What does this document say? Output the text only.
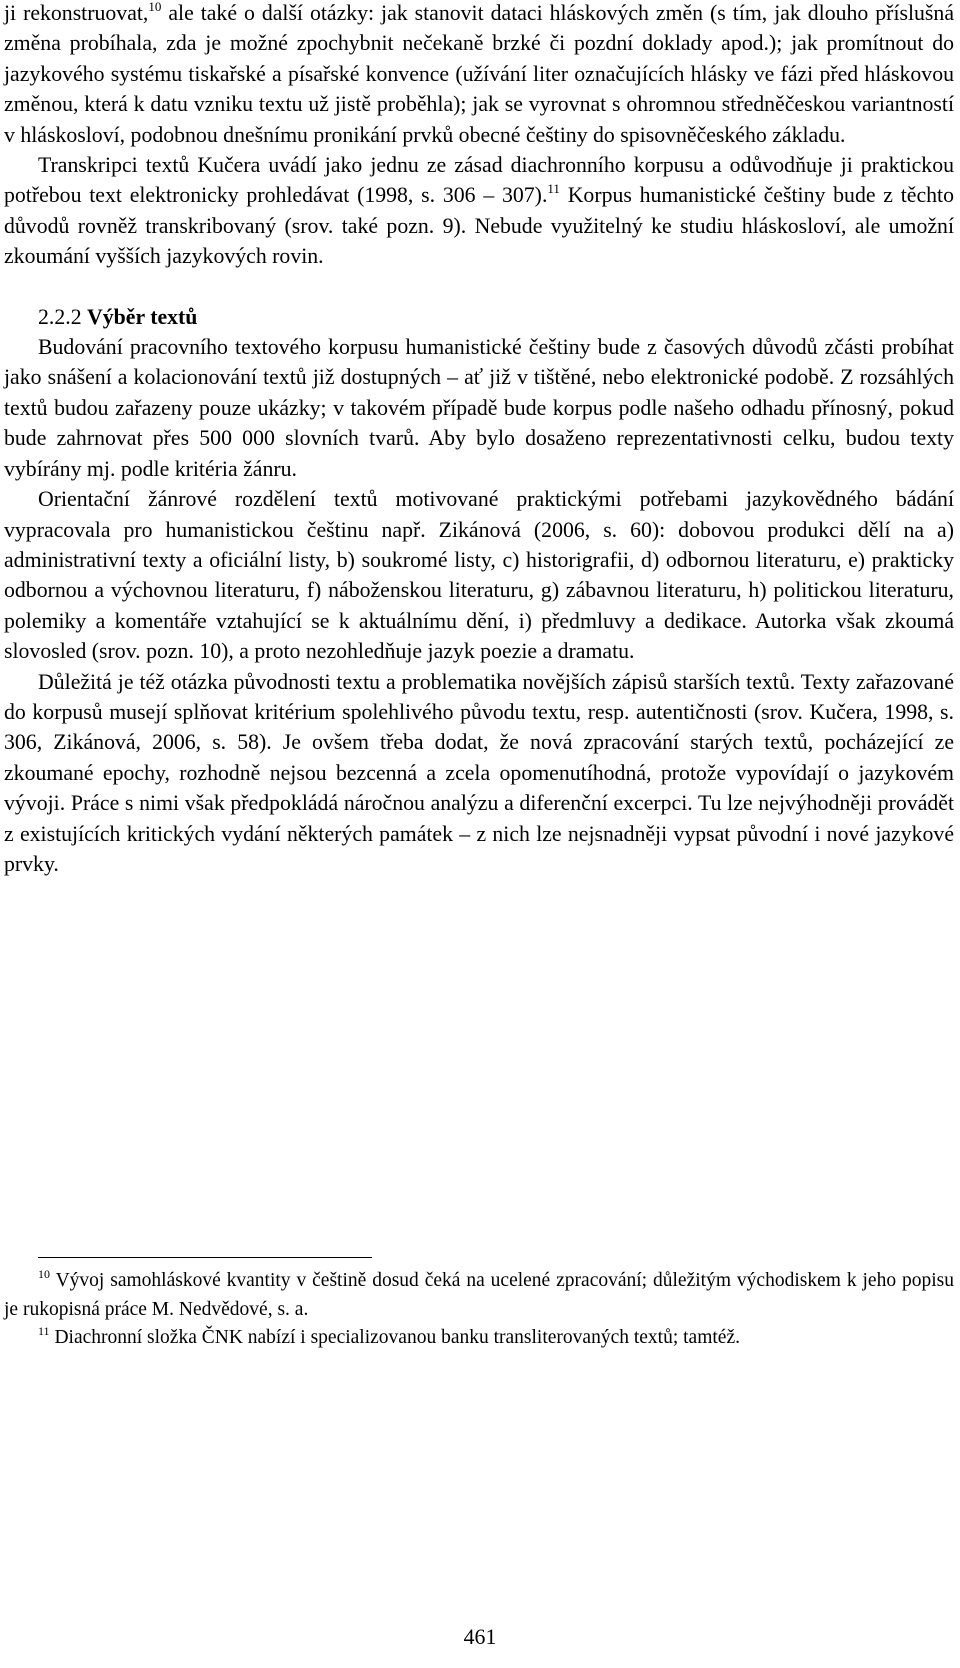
ji rekonstruovat,$^{10}$ ale také o další otázky: jak stanovit dataci hláskových změn (s tím, jak dlouho příslušná změna probíhala, zda je možné zpochybnit nečekaně brzké či pozdní doklady apod.); jak promítnout do jazykového systému tiskařské a písařské konvence (užívání liter označujících hlásky ve fázi před hláskovou změnou, která k datu vzniku textu už jistě proběhla); jak se vyrovnat s ohromnou středněčeskou variantností v hláskosloví, podobnou dnešnímu pronikání prvků obecné češtiny do spisovněčeského základu.

Transkripci textů Kučera uvádí jako jednu ze zásad diachronního korpusu a odůvodňuje ji praktickou potřebou text elektronicky prohledávat (1998, s. 306 – 307).$^{11}$ Korpus humanistické češtiny bude z těchto důvodů rovněž transkribovaný (srov. také pozn. 9). Nebude využitelný ke studiu hláskosloví, ale umožní zkoumání vyšších jazykových rovin.

2.2.2 Výběr textů

Budování pracovního textového korpusu humanistické češtiny bude z časových důvodů zčásti probíhat jako snášení a kolacionování textů již dostupných – ať již v tištěné, nebo elektronické podobě. Z rozsáhlých textů budou zařazeny pouze ukázky; v takovém případě bude korpus podle našeho odhadu přínosný, pokud bude zahrnovat přes 500 000 slovních tvarů. Aby bylo dosaženo reprezentativnosti celku, budou texty vybírány mj. podle kritéria žánru.

Orientační žánrové rozdělení textů motivované praktickými potřebami jazykovědného bádání vypracovala pro humanistickou češtinu např. Zikánová (2006, s. 60): dobovou produkci dělí na a) administrativní texty a oficiální listy, b) soukromé listy, c) historigrafii, d) odbornou literaturu, e) prakticky odbornou a výchovnou literaturu, f) náboženskou literaturu, g) zábavnou literaturu, h) politickou literaturu, polemiky a komentáře vztahující se k aktuálnímu dění, i) předmluvy a dedikace. Autorka však zkoumá slovosled (srov. pozn. 10), a proto nezohledňuje jazyk poezie a dramatu.

Důležitá je též otázka původnosti textu a problematika novějších zápisů starších textů. Texty zařazované do korpusů musejí splňovat kritérium spolehlivého původu textu, resp. autentičnosti (srov. Kučera, 1998, s. 306, Zikánová, 2006, s. 58). Je ovšem třeba dodat, že nová zpracování starých textů, pocházející ze zkoumané epochy, rozhodně nejsou bezcenná a zcela opomenutíhodná, protože vypovídají o jazykovém vývoji. Práce s nimi však předpokládá náročnou analýzu a diferenční excerpci. Tu lze nejvýhodněji provádět z existujících kritických vydání některých památek – z nich lze nejsnadněji vypsat původní i nové jazykové prvky.

$^{10}$ Vývoj samohláskové kvantity v češtině dosud čeká na ucelené zpracování; důležitým východiskem k jeho popisu je rukopisná práce M. Nedvědové, s. a.

$^{11}$ Diachronní složka ČNK nabízí i specializovanou banku transliterovaných textů; tamtéž.

461
